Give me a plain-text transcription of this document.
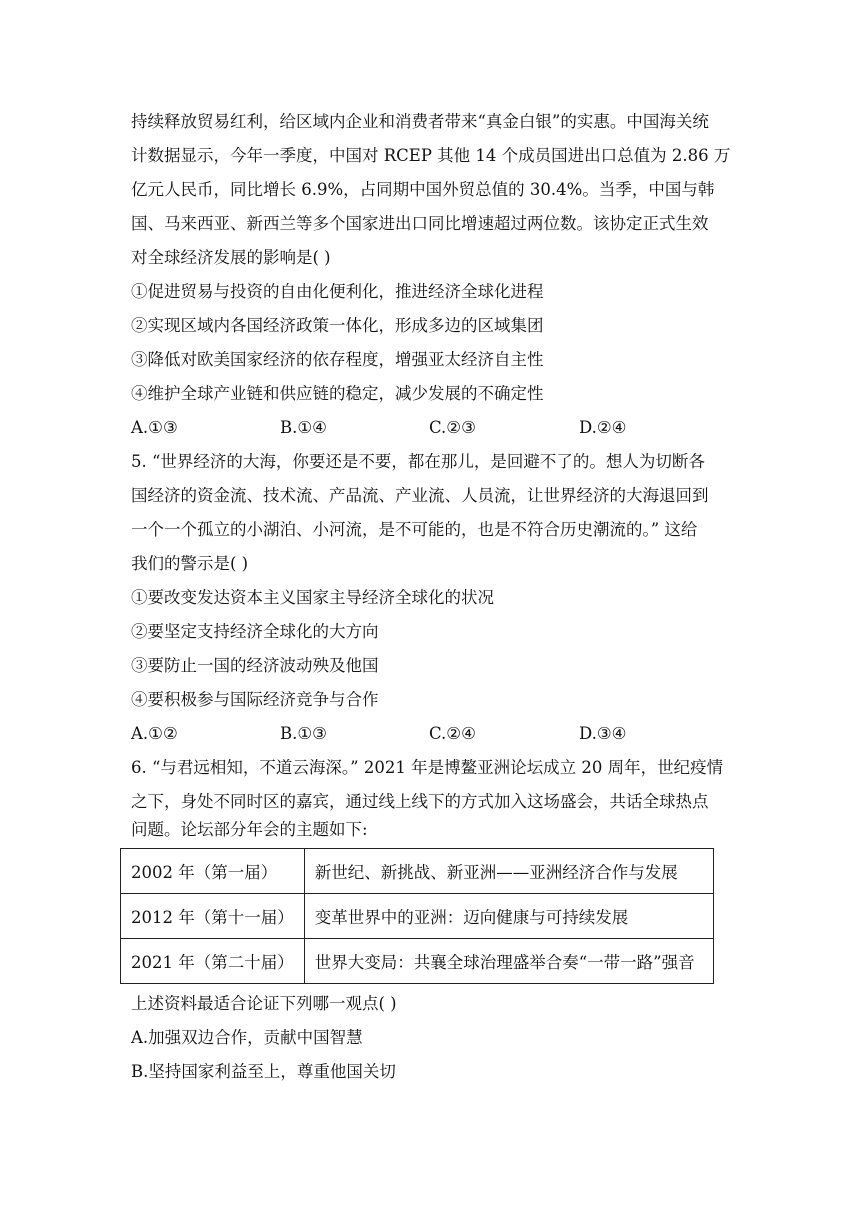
持续释放贸易红利，给区域内企业和消费者带来“真金白银”的实惠。中国海关统
计数据显示，今年一季度，中国对 RCEP 其他 14 个成员国进出口总值为 2.86 万
亿元人民币，同比增长 6.9%，占同期中国外贸总值的 30.4%。当季，中国与韩
国、马来西亚、新西兰等多个国家进出口同比增速超过两位数。该协定正式生效
对全球经济发展的影响是( )
①促进贸易与投资的自由化便利化，推进经济全球化进程
②实现区域内各国经济政策一体化，形成多边的区域集团
③降低对欧美国家经济的依存程度，增强亚太经济自主性
④维护全球产业链和供应链的稳定，减少发展的不确定性
A.①③	B.①④	C.②③	D.②④
5. “世界经济的大海，你要还是不要，都在那儿，是回避不了的。想人为切断各
国经济的资金流、技术流、产品流、产业流、人员流，让世界经济的大海退回到
一个一个孤立的小湖泊、小河流，是不可能的，也是不符合历史潮流的。” 这给
我们的警示是( )
①要改变发达资本主义国家主导经济全球化的状况
②要坚定支持经济全球化的大方向
③要防止一国的经济波动殃及他国
④要积极参与国际经济竞争与合作
A.①②	B.①③	C.②④	D.③④
6. “与君远相知，不道云海深。” 2021 年是博鳌亚洲论坛成立 20 周年，世纪疫情
之下，身处不同时区的嘉宾，通过线上线下的方式加入这场盛会，共话全球热点
问题。论坛部分年会的主题如下:
2002 年（第一届）	新世纪、新挑战、新亚洲——亚洲经济合作与发展
2012 年（第十一届）	变革世界中的亚洲：迈向健康与可持续发展
2021 年（第二十届）	世界大变局：共襄全球治理盛举合奏“一带一路”强音
上述资料最适合论证下列哪一观点( )
A.加强双边合作，贡献中国智慧
B.坚持国家利益至上，尊重他国关切
